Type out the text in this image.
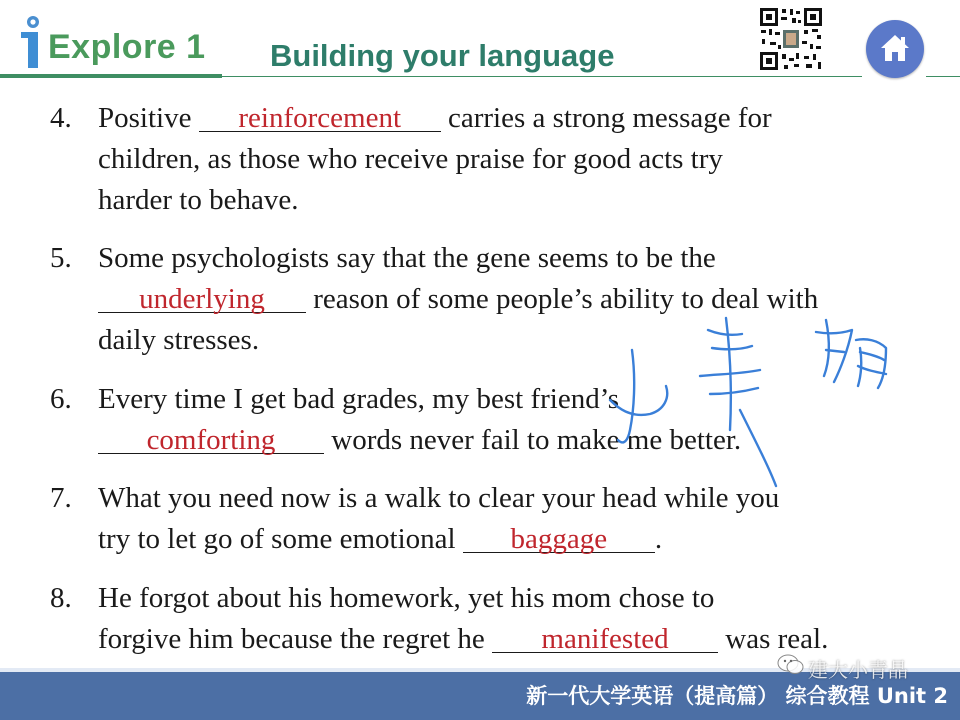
Explore 1 Building your language
4. Positive reinforcement carries a strong message for
children, as those who receive praise for good acts try
harder to behave.
5. Some psychologists say that the gene seems to be the
underlying reason of some people’s ability to deal with
daily stresses.
6. Every time I get bad grades, my best friend’s
comforting words never fail to make me better.
7. What you need now is a walk to clear your head while you
try to let go of some emotional baggage .
8. He forgot about his homework, yet his mom chose to
forgive him because the regret he manifested was real.
新一代大学英语（提高篇） 综合教程 Unit 2
建大小青晶
